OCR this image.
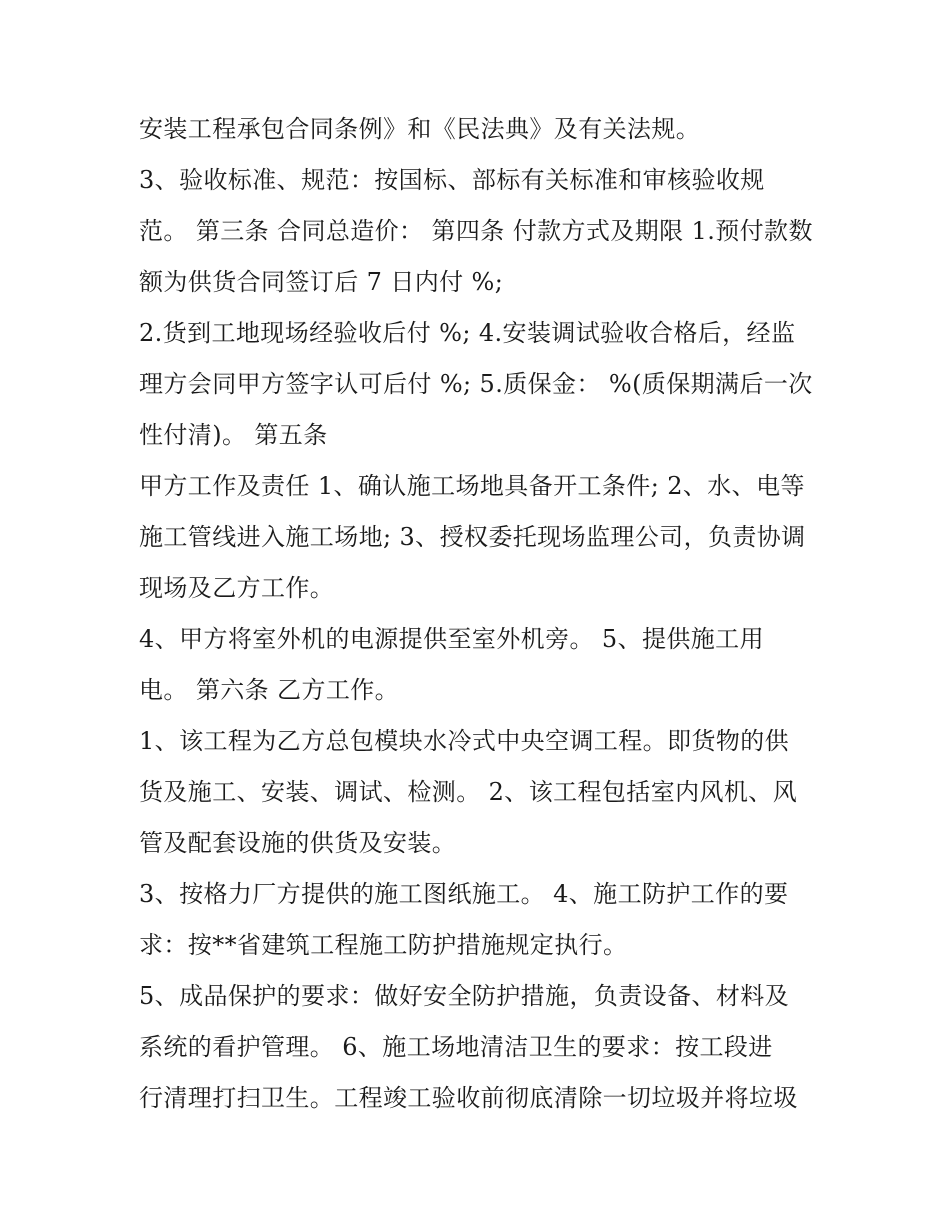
安装工程承包合同条例》和《民法典》及有关法规。
3、验收标准、规范：按国标、部标有关标准和审核验收规
范。 第三条 合同总造价： 第四条 付款方式及期限 1.预付款数
额为供货合同签订后 7 日内付 %;
2.货到工地现场经验收后付 %; 4.安装调试验收合格后，经监
理方会同甲方签字认可后付 %; 5.质保金： %(质保期满后一次
性付清)。 第五条
甲方工作及责任 1、确认施工场地具备开工条件; 2、水、电等
施工管线进入施工场地; 3、授权委托现场监理公司，负责协调
现场及乙方工作。
4、甲方将室外机的电源提供至室外机旁。 5、提供施工用
电。 第六条 乙方工作。
1、该工程为乙方总包模块水冷式中央空调工程。即货物的供
货及施工、安装、调试、检测。 2、该工程包括室内风机、风
管及配套设施的供货及安装。
3、按格力厂方提供的施工图纸施工。 4、施工防护工作的要
求：按**省建筑工程施工防护措施规定执行。
5、成品保护的要求：做好安全防护措施，负责设备、材料及
系统的看护管理。 6、施工场地清洁卫生的要求：按工段进
行清理打扫卫生。工程竣工验收前彻底清除一切垃圾并将垃圾
